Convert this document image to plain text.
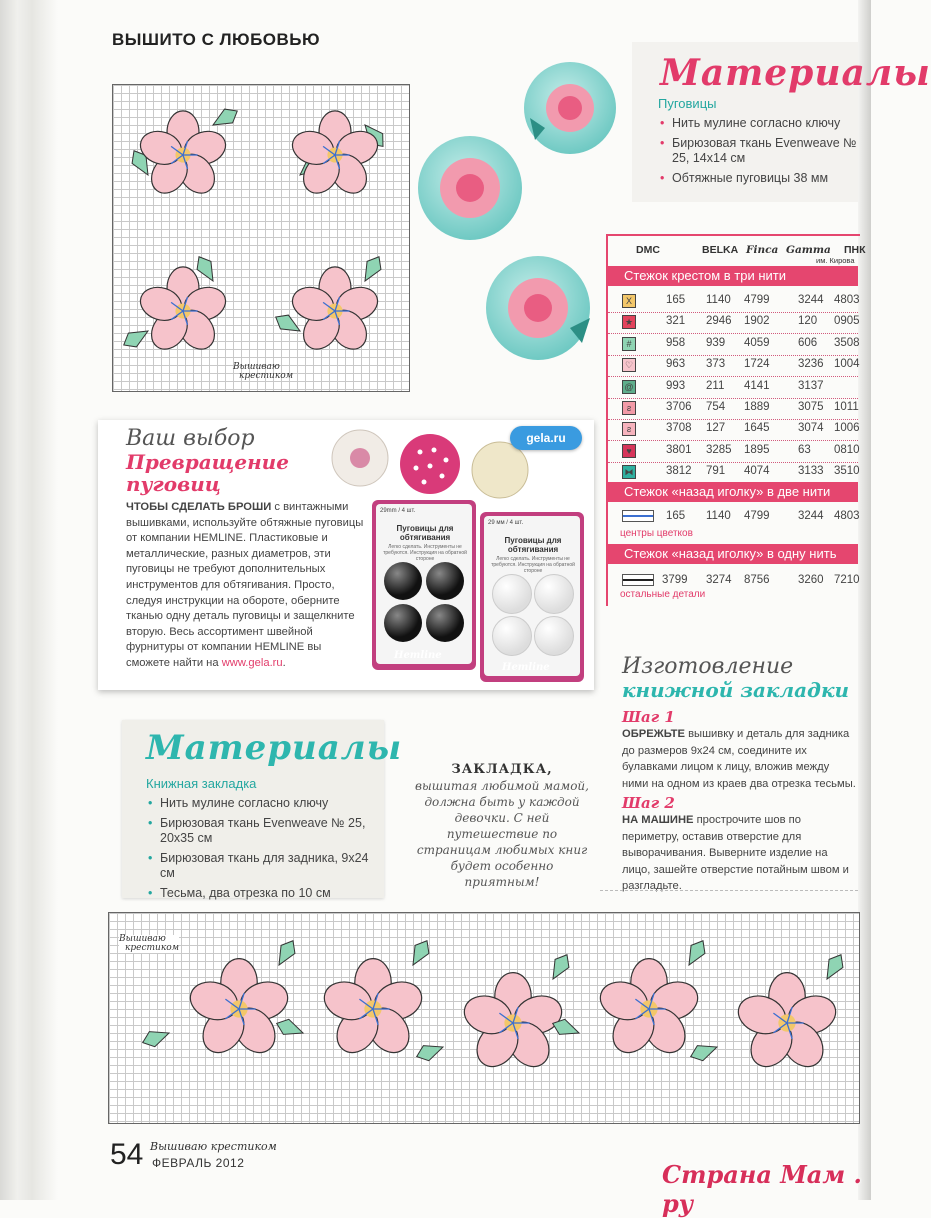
ВЫШИТО С ЛЮБОВЬЮ
Вышиваю
крестиком
Материалы
Пуговицы
• Нить мулине согласно ключу
• Бирюзовая ткань Evenweave № 25, 14x14 см
• Обтяжные пуговицы 38 мм
DMC	BELKA Finca Gamma ПНК
им. Кирова
Стежок крестом в три нити
X	165 1140 4799 3244 4803
★	321 2946 1902 120 0905
#	958 939 4059 606 3508
♡	963 373 1724 3236 1004
@	993 211 4141 3137
ƨ	3706 754 1889 3075 1011
ƨ	3708 127 1645 3074 1006
♥	3801 3285 1895 63 0810
⧓	3812 791 4074 3133 3510
Стежок «назад иголку» в две нити
165 1140 4799 3244 4803
центры цветков
Стежок «назад иголку» в одну нить
3799 3274 8756 3260 7210
остальные детали
Ваш выбор
Превращение
пуговиц
ЧТОБЫ СДЕЛАТЬ БРОШИ с винтажными вышивками, используйте обтяжные пуговицы от компании HEMLINE. Пластиковые и металлические, разных диаметров, эти пуговицы не требуют дополнительных инструментов для обтягивания. Просто, следуя инструкции на обороте, оберните тканью одну деталь пуговицы и защелкните вторую. Весь ассортимент швейной фурнитуры от компании HEMLINE вы сможете найти на www.gela.ru.
gela.ru
29mm / 4 шт.
Пуговицы для обтягивания
Легко сделать. Инструменты не требуются. Инструкция на обратной стороне
Hemline
29 мм / 4 шт.
Пуговицы для обтягивания
Легко сделать. Инструменты не требуются. Инструкция на обратной стороне
Hemline	Изготовление
книжной закладки
Шаг 1
ОБРЕЖЬТЕ вышивку и деталь для задника до размеров 9x24 см, соедините их булавками лицом к лицу, вложив между ними на одном из краев два отрезка тесьмы.
Шаг 2
НА МАШИНЕ прострочите шов по периметру, оставив отверстие для выворачивания. Выверните изделие на лицо, зашейте отверстие потайным швом и разгладьте.
Материалы
Книжная закладка
• Нить мулине согласно ключу
• Бирюзовая ткань Evenweave № 25, 20x35 см
• Бирюзовая ткань для задника, 9x24 см
• Тесьма, два отрезка по 10 см
ЗАКЛАДКА,
вышитая любимой мамой, должна быть у каждой девочки. С ней путешествие по страницам любимых книг будет особенно приятным!
Вышиваю
крестиком
54 Вышиваю крестиком
ФЕВРАЛЬ 2012	Страна Мам . ру
